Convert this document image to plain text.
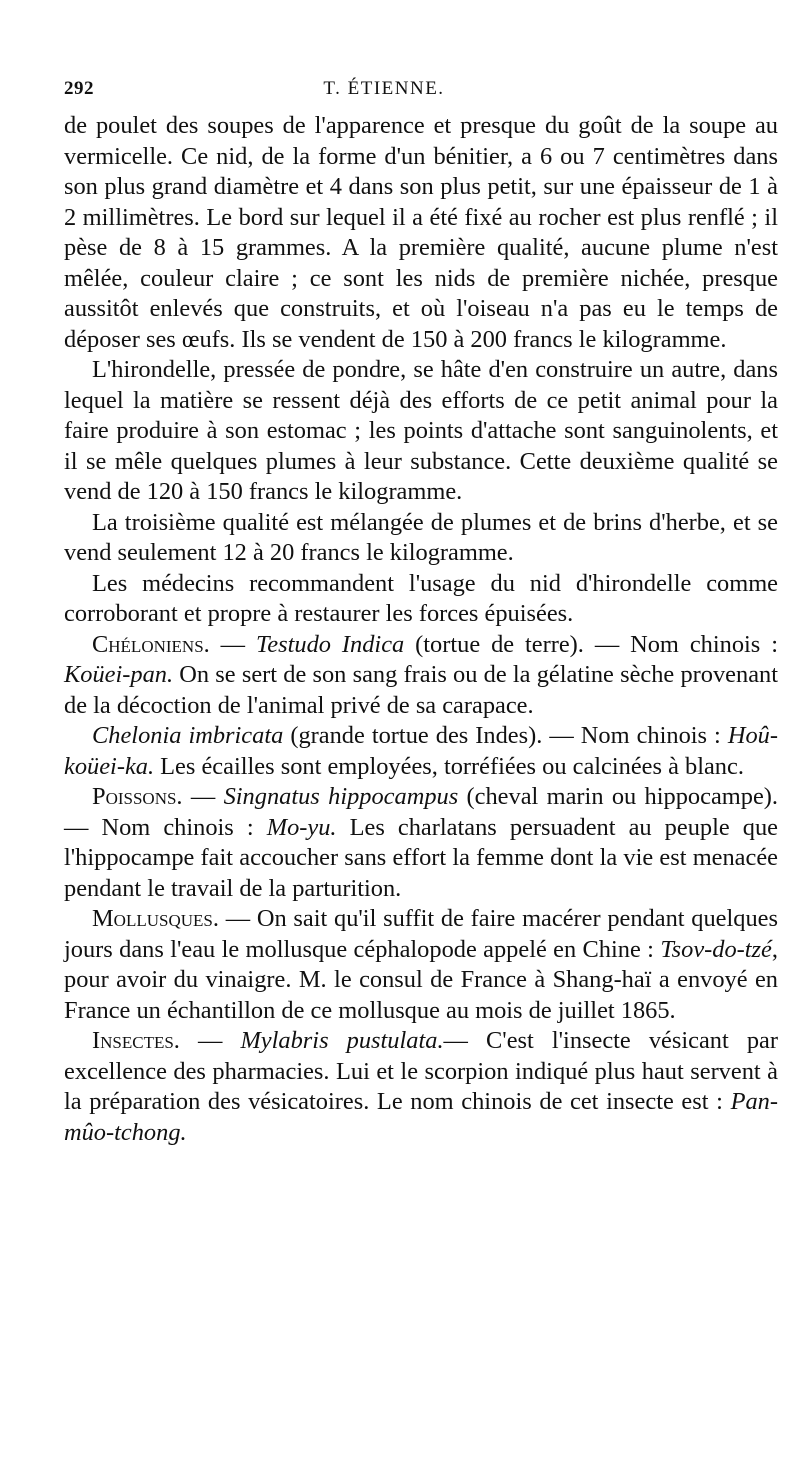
292	T. ÉTIENNE.

de poulet des soupes de l'apparence et presque du goût de la soupe au vermicelle. Ce nid, de la forme d'un bénitier, a 6 ou 7 centimètres dans son plus grand diamètre et 4 dans son plus petit, sur une épaisseur de 1 à 2 millimètres. Le bord sur lequel il a été fixé au rocher est plus renflé ; il pèse de 8 à 15 grammes. A la première qualité, aucune plume n'est mêlée, couleur claire ; ce sont les nids de première nichée, presque aussitôt enlevés que construits, et où l'oiseau n'a pas eu le temps de déposer ses œufs. Ils se vendent de 150 à 200 francs le kilogramme.

L'hirondelle, pressée de pondre, se hâte d'en construire un autre, dans lequel la matière se ressent déjà des efforts de ce petit animal pour la faire produire à son estomac ; les points d'attache sont sanguinolents, et il se mêle quelques plumes à leur substance. Cette deuxième qualité se vend de 120 à 150 francs le kilogramme.

La troisième qualité est mélangée de plumes et de brins d'herbe, et se vend seulement 12 à 20 francs le kilogramme.

Les médecins recommandent l'usage du nid d'hirondelle comme corroborant et propre à restaurer les forces épuisées.

Chéloniens. — Testudo Indica (tortue de terre). — Nom chinois : Koüei-pan. On se sert de son sang frais ou de la gélatine sèche provenant de la décoction de l'animal privé de sa carapace.

Chelonia imbricata (grande tortue des Indes). — Nom chinois : Hoû-koüei-ka. Les écailles sont employées, torréfiées ou calcinées à blanc.

Poissons. — Singnatus hippocampus (cheval marin ou hippocampe). — Nom chinois : Mo-yu. Les charlatans persuadent au peuple que l'hippocampe fait accoucher sans effort la femme dont la vie est menacée pendant le travail de la parturition.

Mollusques. — On sait qu'il suffit de faire macérer pendant quelques jours dans l'eau le mollusque céphalopode appelé en Chine : Tsov-do-tzé, pour avoir du vinaigre. M. le consul de France à Shang-haï a envoyé en France un échantillon de ce mollusque au mois de juillet 1865.

Insectes. — Mylabris pustulata.— C'est l'insecte vésicant par excellence des pharmacies. Lui et le scorpion indiqué plus haut servent à la préparation des vésicatoires. Le nom chinois de cet insecte est : Pan-mûo-tchong.
